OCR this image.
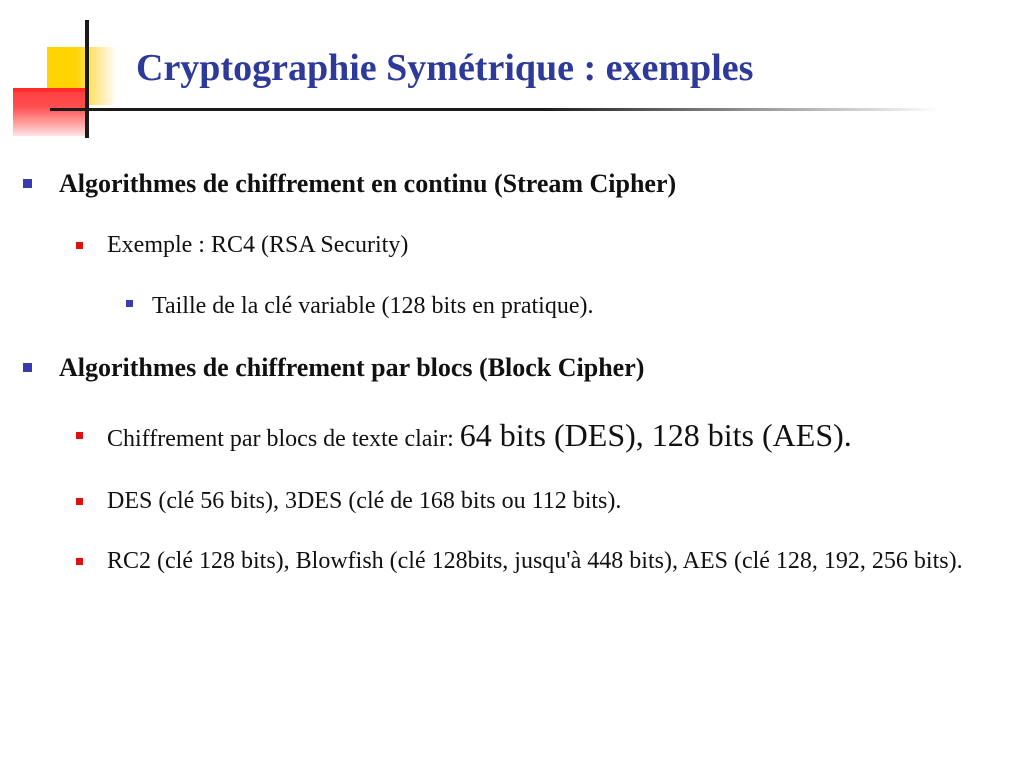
Cryptographie Symétrique : exemples
Algorithmes de chiffrement en continu (Stream Cipher)
Exemple : RC4 (RSA Security)
Taille de la clé variable (128 bits en pratique).
Algorithmes de chiffrement par blocs (Block Cipher)
Chiffrement par blocs de texte clair: 64 bits (DES), 128 bits (AES).
DES (clé 56 bits), 3DES (clé de 168 bits ou 112 bits).
RC2 (clé 128 bits), Blowfish (clé 128bits, jusqu'à 448 bits), AES (clé 128, 192, 256 bits).
